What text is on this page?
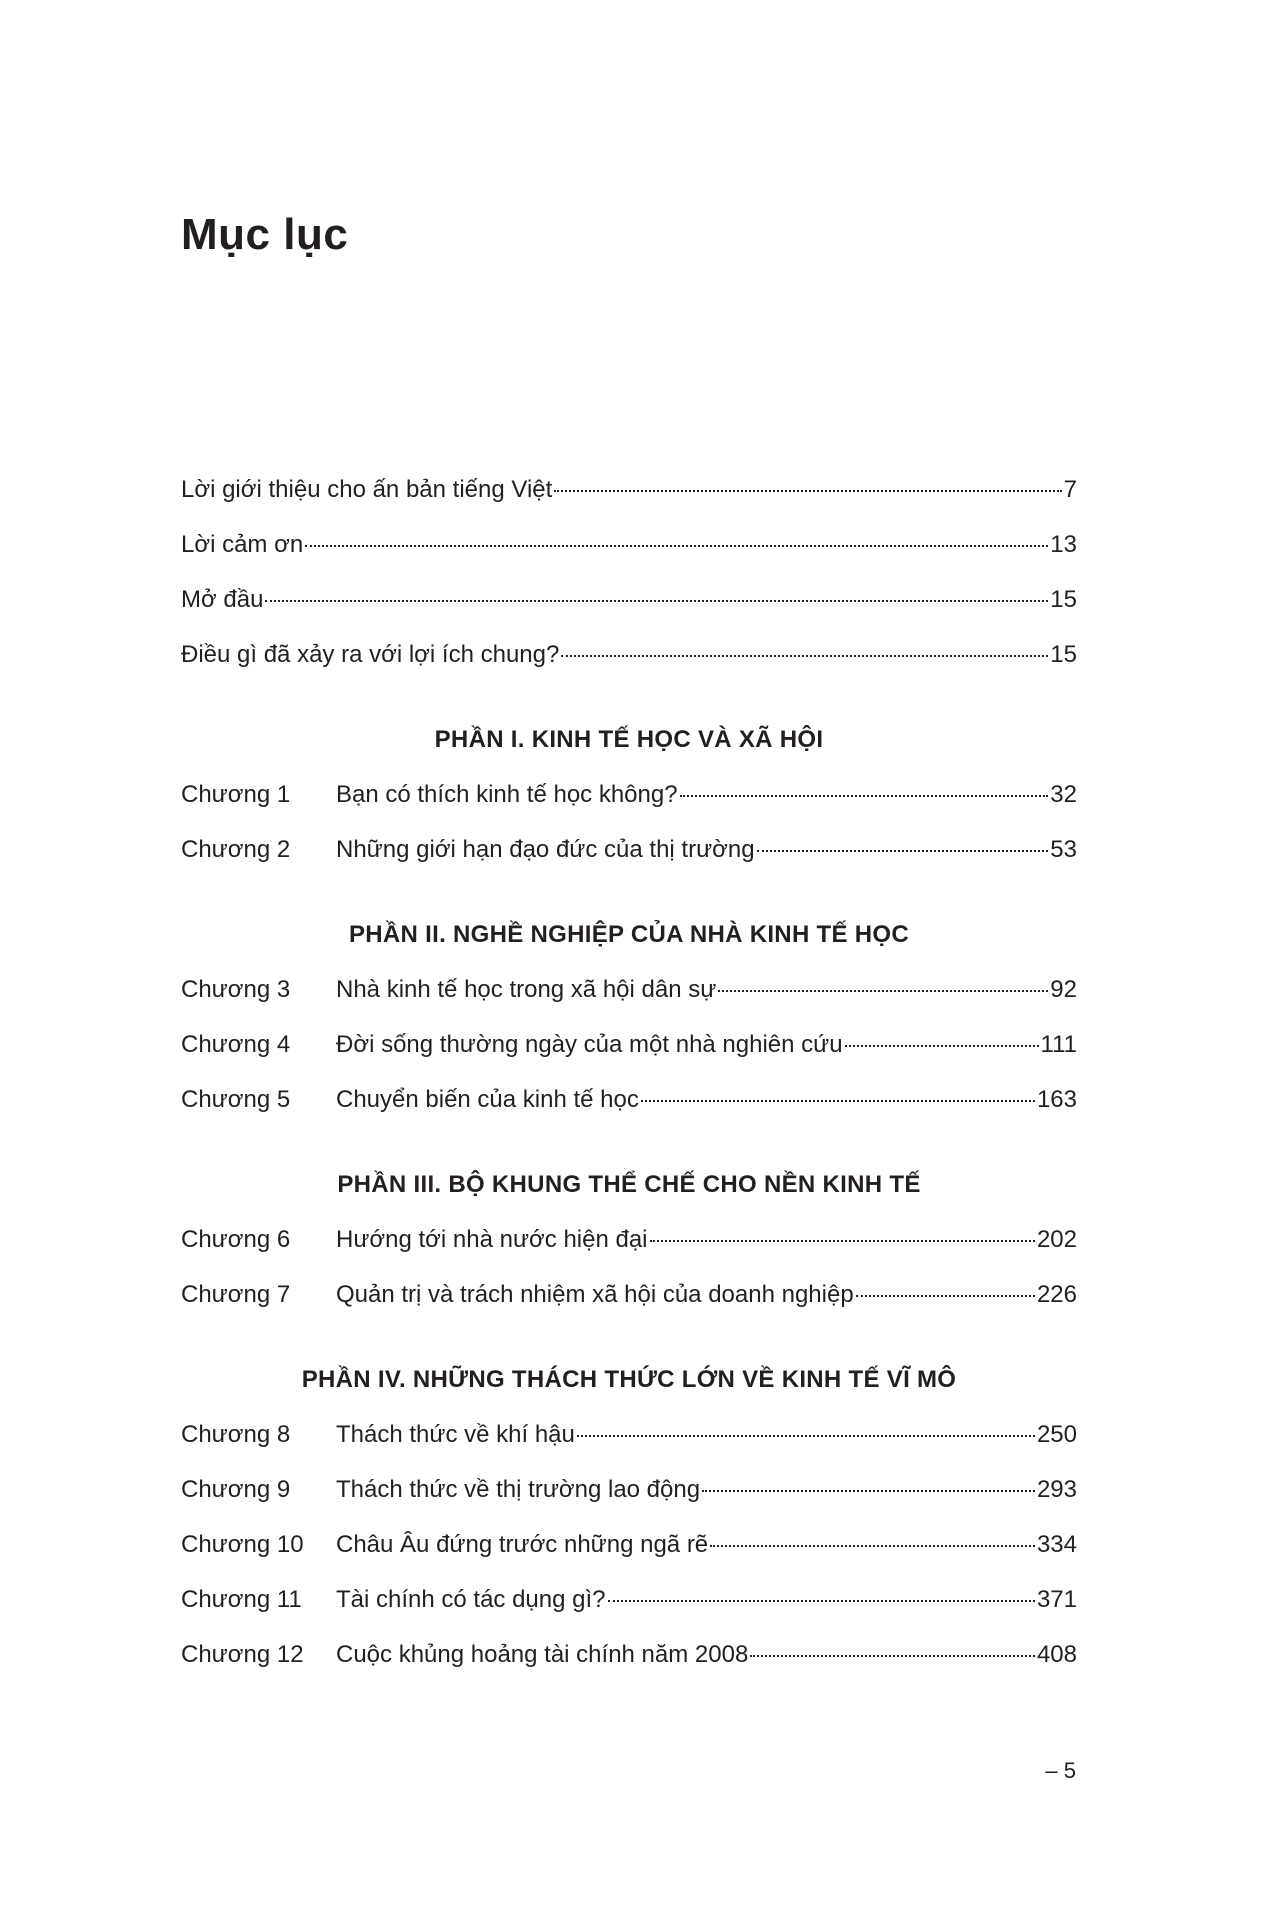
Mục lục
Lời giới thiệu cho ấn bản tiếng Việt	7
Lời cảm ơn	13
Mở đầu	15
Điều gì đã xảy ra với lợi ích chung?	15
PHẦN I. KINH TẾ HỌC VÀ XÃ HỘI
Chương 1	Bạn có thích kinh tế học không?	32
Chương 2	Những giới hạn đạo đức của thị trường	53
PHẦN II. NGHỀ NGHIỆP CỦA NHÀ KINH TẾ HỌC
Chương 3	Nhà kinh tế học trong xã hội dân sự	92
Chương 4	Đời sống thường ngày của một nhà nghiên cứu	111
Chương 5	Chuyển biến của kinh tế học	163
PHẦN III. BỘ KHUNG THỂ CHẾ CHO NỀN KINH TẾ
Chương 6	Hướng tới nhà nước hiện đại	202
Chương 7	Quản trị và trách nhiệm xã hội của doanh nghiệp	226
PHẦN IV. NHỮNG THÁCH THỨC LỚN VỀ KINH TẾ VĨ MÔ
Chương 8	Thách thức về khí hậu	250
Chương 9	Thách thức về thị trường lao động	293
Chương 10	Châu Âu đứng trước những ngã rẽ	334
Chương 11	Tài chính có tác dụng gì?	371
Chương 12	Cuộc khủng hoảng tài chính năm 2008	408
– 5
